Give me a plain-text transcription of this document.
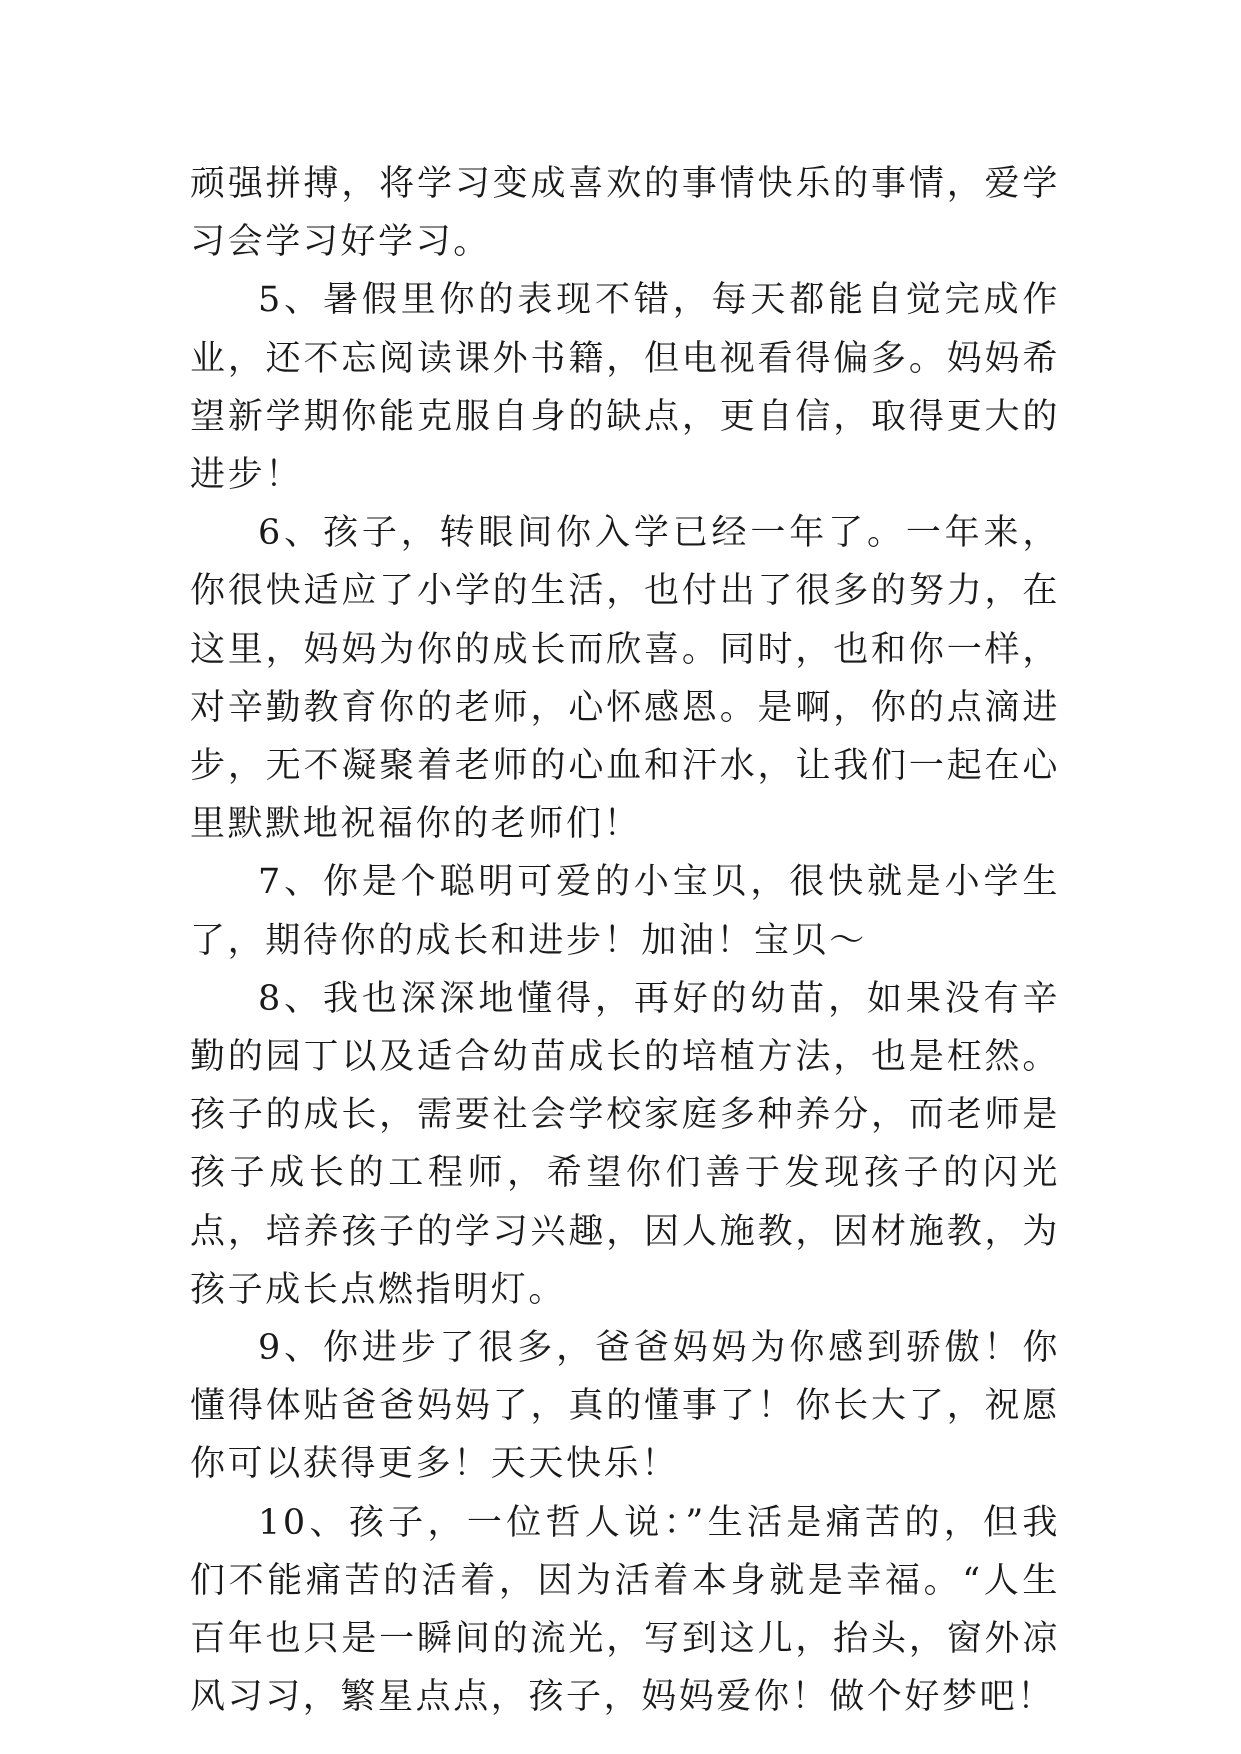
顽强拼搏，将学习变成喜欢的事情快乐的事情，爱学习会学习好学习。

5、暑假里你的表现不错，每天都能自觉完成作业，还不忘阅读课外书籍，但电视看得偏多。妈妈希望新学期你能克服自身的缺点，更自信，取得更大的进步！

6、孩子，转眼间你入学已经一年了。一年来，你很快适应了小学的生活，也付出了很多的努力，在这里，妈妈为你的成长而欣喜。同时，也和你一样，对辛勤教育你的老师，心怀感恩。是啊，你的点滴进步，无不凝聚着老师的心血和汗水，让我们一起在心里默默地祝福你的老师们！

7、你是个聪明可爱的小宝贝，很快就是小学生了，期待你的成长和进步！加油！宝贝～

8、我也深深地懂得，再好的幼苗，如果没有辛勤的园丁以及适合幼苗成长的培植方法，也是枉然。孩子的成长，需要社会学校家庭多种养分，而老师是孩子成长的工程师，希望你们善于发现孩子的闪光点，培养孩子的学习兴趣，因人施教，因材施教，为孩子成长点燃指明灯。

9、你进步了很多，爸爸妈妈为你感到骄傲！你懂得体贴爸爸妈妈了，真的懂事了！你长大了，祝愿你可以获得更多！天天快乐！

10、孩子，一位哲人说：”生活是痛苦的，但我们不能痛苦的活着，因为活着本身就是幸福。“人生百年也只是一瞬间的流光，写到这儿，抬头，窗外凉风习习，繁星点点，孩子，妈妈爱你！做个好梦吧！
